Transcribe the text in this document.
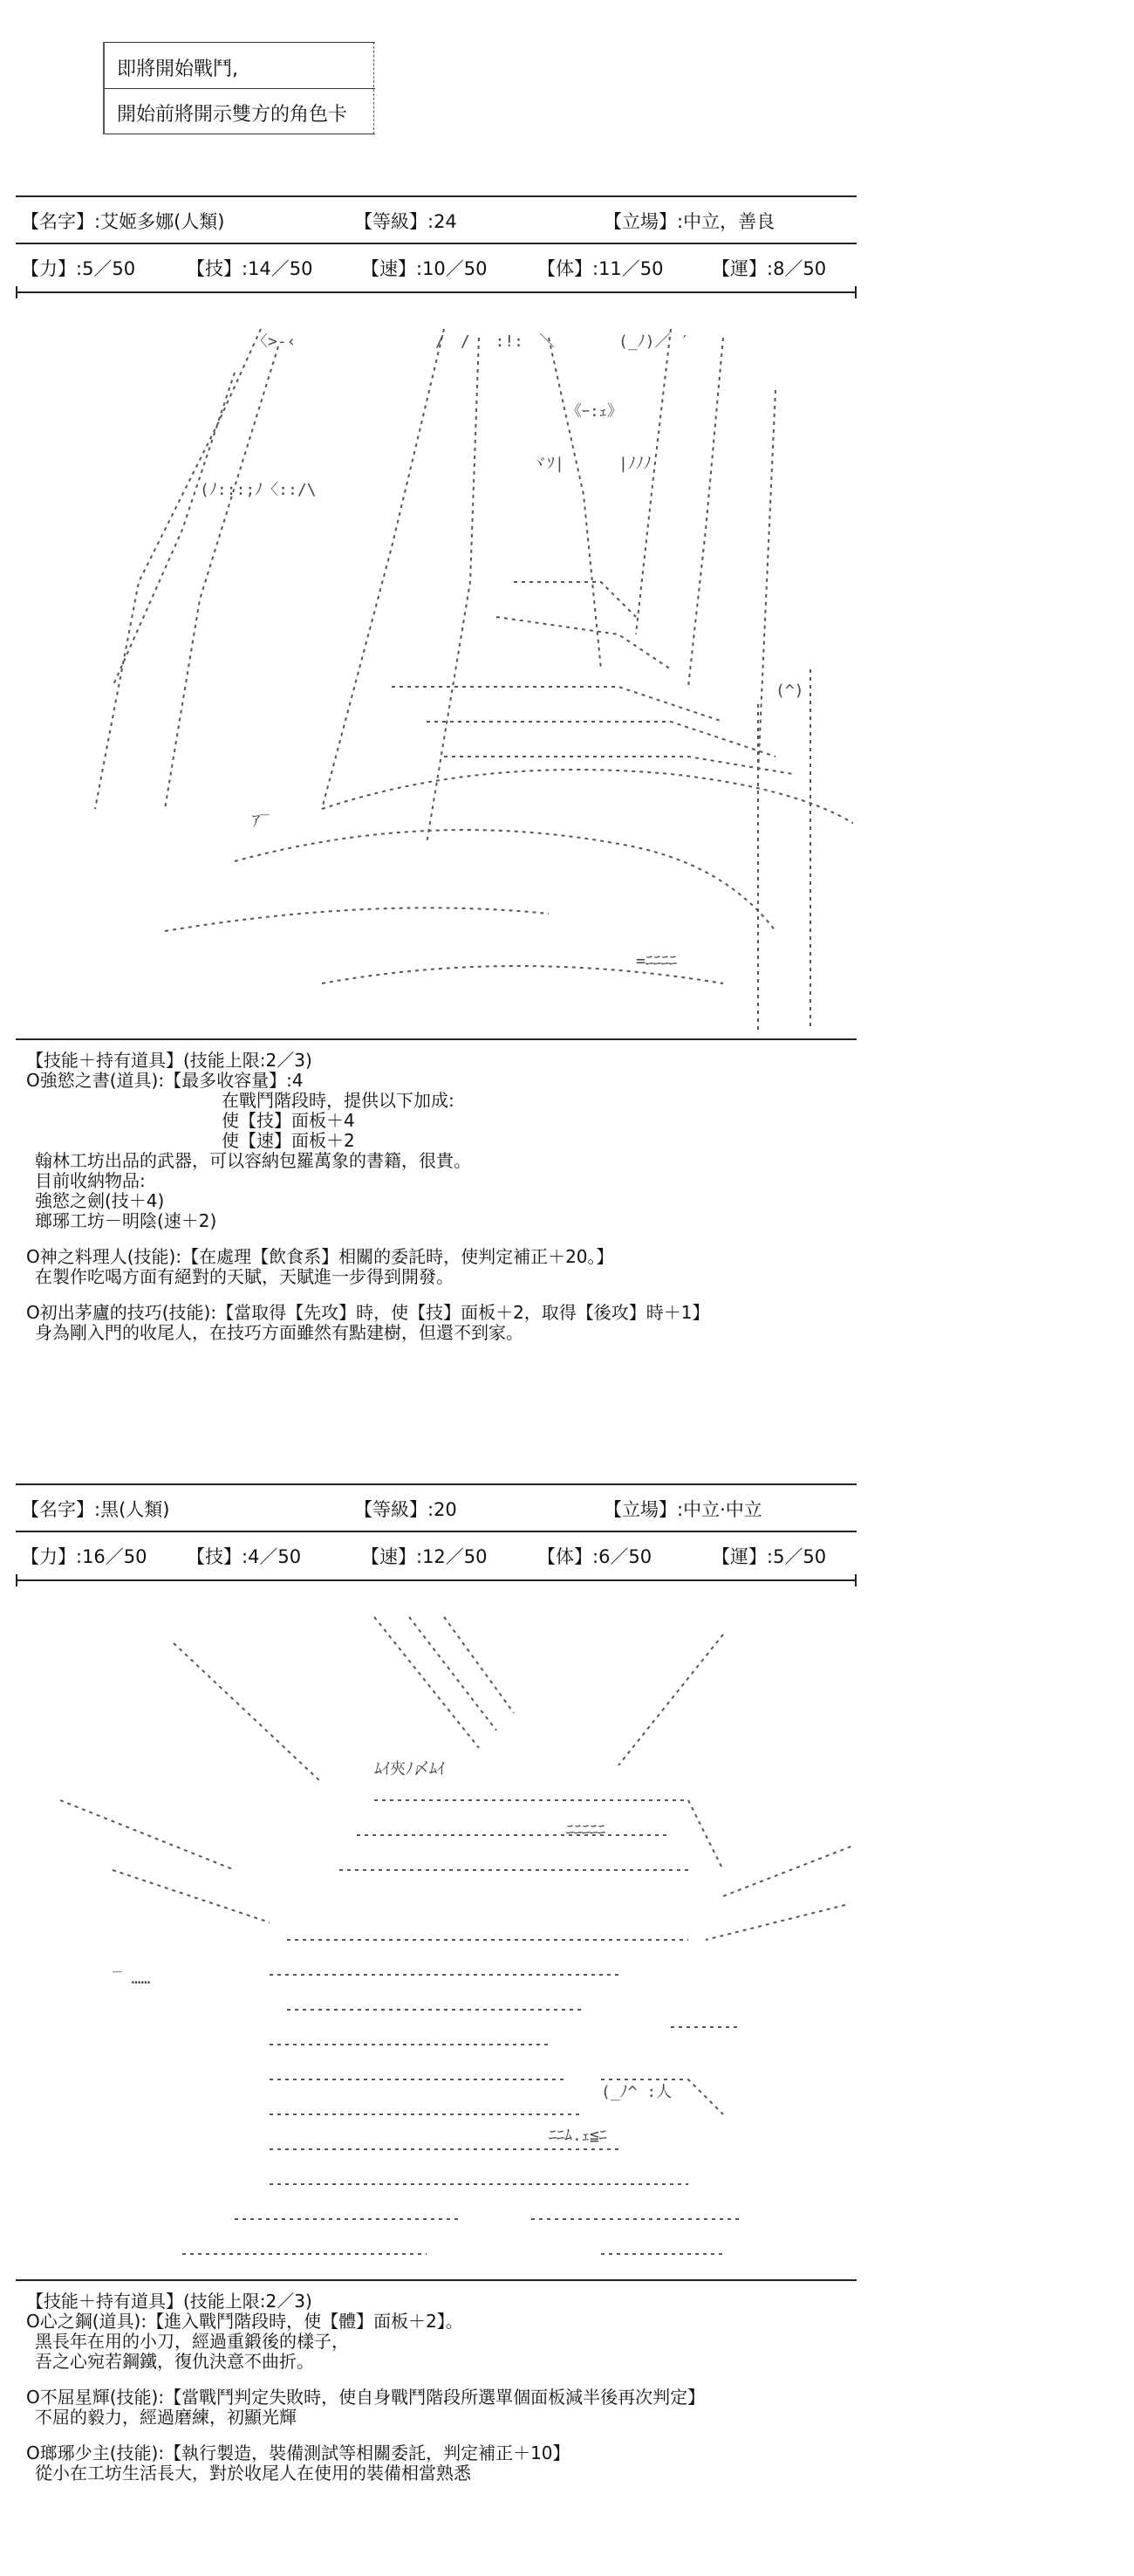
即將開始戰鬥,
開始前將開示雙方的角色卡
【名字】:艾姬多娜(人類)	【等級】:24	【立場】:中立，善良
【力】:5／50	【技】:14／50	【速】:10／50	【体】:11／50	【運】:8／50

〈>-‹	/　/ 　:!:　＼	(_ﾉ)／ ′
《ｰ:ｪ》
ヾｿ|	|ﾉﾉﾉ
(ﾉ:::;ﾉ〈::/\
(^)
ｱ‾
=ﾆﾆﾆﾆ

【技能＋持有道具】(技能上限:2／3)
O強慾之書(道具):【最多收容量】:4
在戰鬥階段時，提供以下加成:
使【技】面板＋4
使【速】面板＋2
翰林工坊出品的武器，可以容納包羅萬象的書籍，很貴。
目前收納物品:
強慾之劍(技＋4)
瑯琊工坊－明陰(速＋2)
O神之料理人(技能):【在處理【飲食系】相關的委託時，使判定補正＋20。】
在製作吃喝方面有絕對的天賦，天賦進一步得到開發。
O初出茅廬的技巧(技能):【當取得【先攻】時，使【技】面板＋2，取得【後攻】時＋1】
身為剛入門的收尾人，在技巧方面雖然有點建樹，但還不到家。
【名字】:黒(人類)	【等級】:20	【立場】:中立·中立
【力】:16／50 【技】:4／50	【速】:12／50	【体】:6／50	【運】:5／50

ﾑｲ夾ﾉ〆ﾑｲ
ﾆﾆﾆﾆﾆ
(_ﾉ^ :人
ﾆﾆﾑ.ｪ≦ﾆ
‾ ……

【技能＋持有道具】(技能上限:2／3)
O心之鋼(道具):【進入戰鬥階段時，使【體】面板＋2】。
黑長年在用的小刀，經過重鍛後的樣子，
吾之心宛若鋼鐵，復仇決意不曲折。
O不屈星輝(技能):【當戰鬥判定失敗時，使自身戰鬥階段所選單個面板減半後再次判定】
不屈的毅力，經過磨練，初顯光輝
O瑯琊少主(技能):【執行製造，裝備測試等相關委託，判定補正＋10】
從小在工坊生活長大，對於收尾人在使用的裝備相當熟悉
